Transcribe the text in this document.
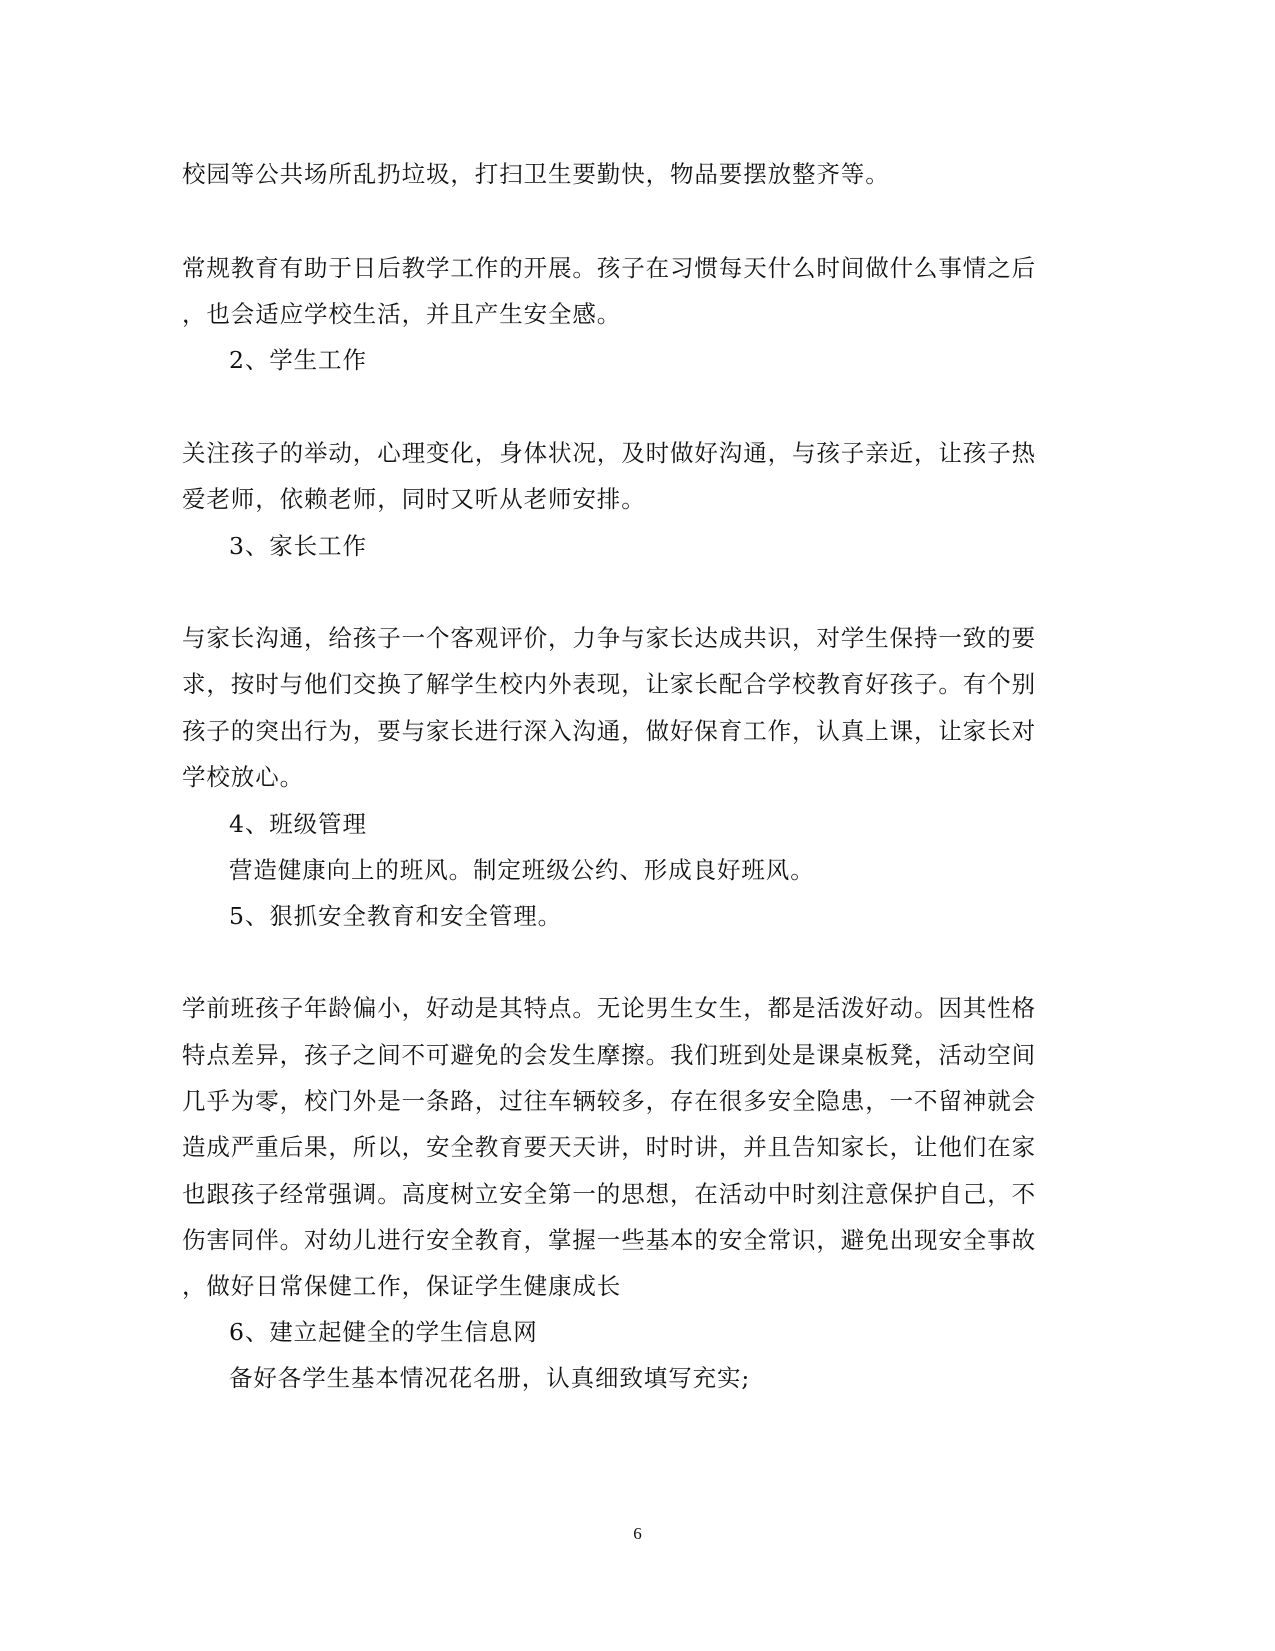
校园等公共场所乱扔垃圾，打扫卫生要勤快，物品要摆放整齐等。
常规教育有助于日后教学工作的开展。孩子在习惯每天什么时间做什么事情之后
，也会适应学校生活，并且产生安全感。
2、学生工作
关注孩子的举动，心理变化，身体状况，及时做好沟通，与孩子亲近，让孩子热
爱老师，依赖老师，同时又听从老师安排。
3、家长工作
与家长沟通，给孩子一个客观评价，力争与家长达成共识，对学生保持一致的要
求，按时与他们交换了解学生校内外表现，让家长配合学校教育好孩子。有个别
孩子的突出行为，要与家长进行深入沟通，做好保育工作，认真上课，让家长对
学校放心。
4、班级管理
营造健康向上的班风。制定班级公约、形成良好班风。
5、狠抓安全教育和安全管理。
学前班孩子年龄偏小，好动是其特点。无论男生女生，都是活泼好动。因其性格
特点差异，孩子之间不可避免的会发生摩擦。我们班到处是课桌板凳，活动空间
几乎为零，校门外是一条路，过往车辆较多，存在很多安全隐患，一不留神就会
造成严重后果，所以，安全教育要天天讲，时时讲，并且告知家长，让他们在家
也跟孩子经常强调。高度树立安全第一的思想，在活动中时刻注意保护自己，不
伤害同伴。对幼儿进行安全教育，掌握一些基本的安全常识，避免出现安全事故
，做好日常保健工作，保证学生健康成长
6、建立起健全的学生信息网
备好各学生基本情况花名册，认真细致填写充实;
6
